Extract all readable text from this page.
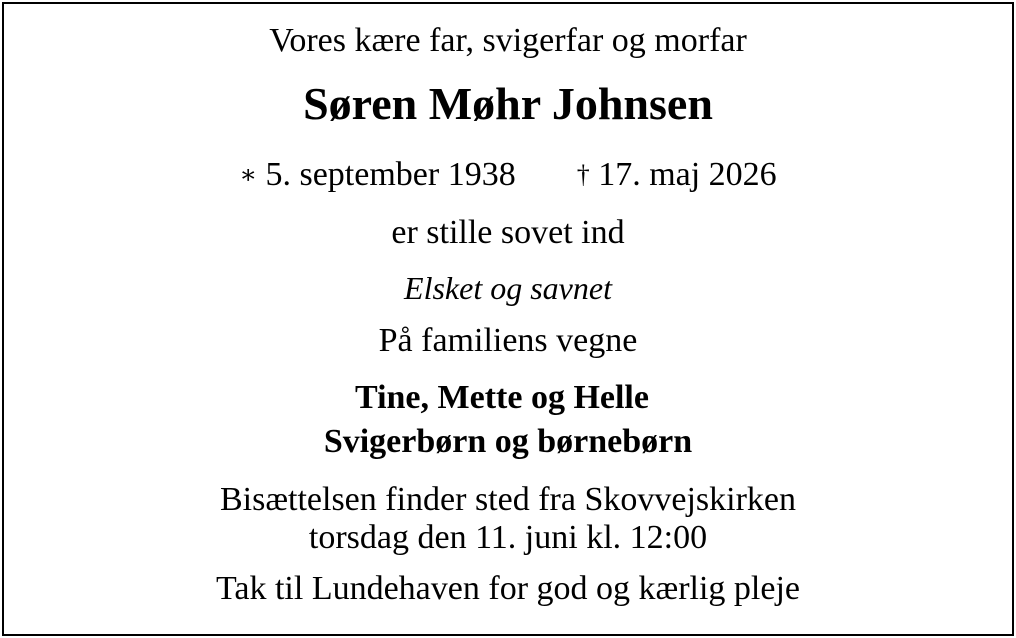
Vores kære far, svigerfar og morfar
Søren Møhr Johnsen
∗ 5. september 1938 † 17. maj 2026
er stille sovet ind
Elsket og savnet
På familiens vegne
Tine, Mette og Helle
Svigerbørn og børnebørn
Bisættelsen finder sted fra Skovvejskirken
torsdag den 11. juni kl. 12:00
Tak til Lundehaven for god og kærlig pleje
